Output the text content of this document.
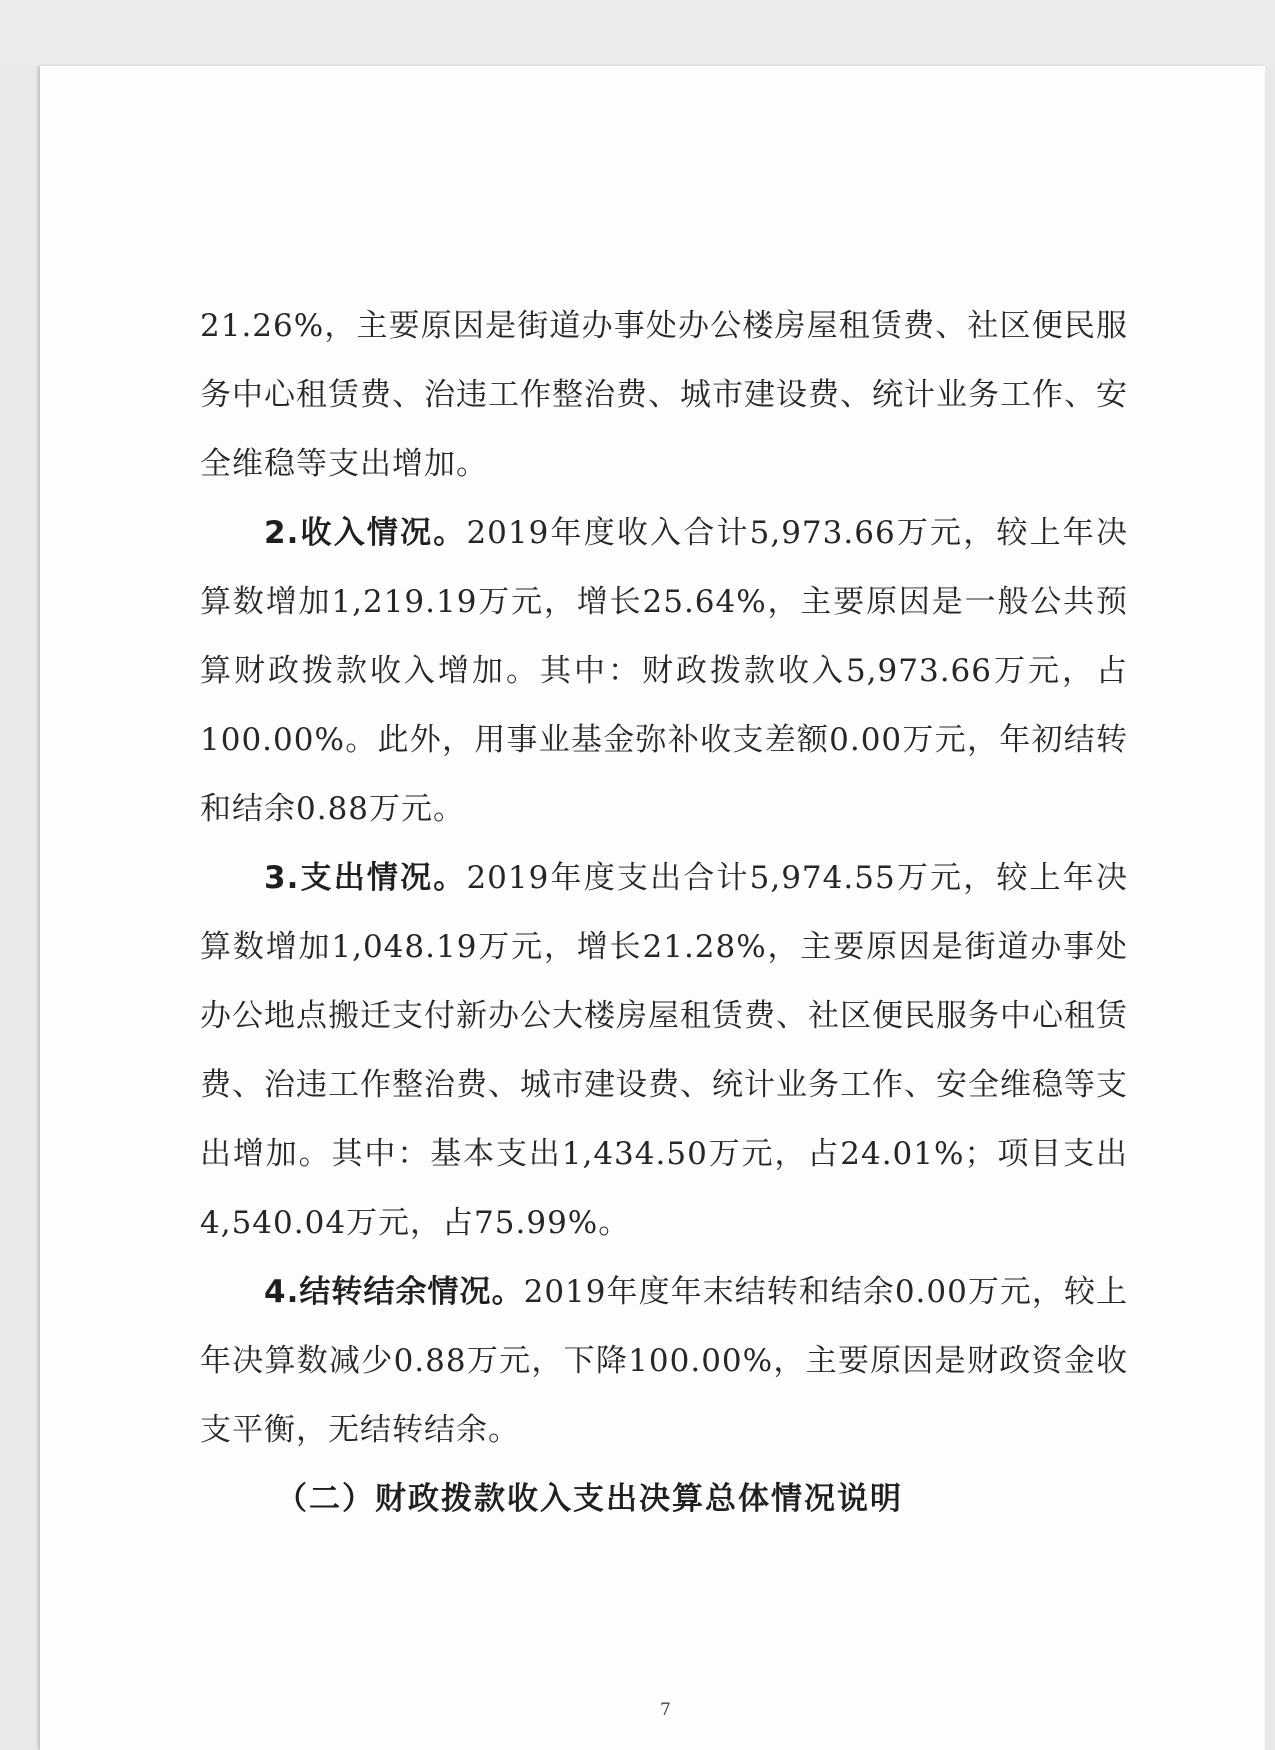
21.26%，主要原因是街道办事处办公楼房屋租赁费、社区便民服务中心租赁费、治违工作整治费、城市建设费、统计业务工作、安全维稳等支出增加。

2.收入情况。2019年度收入合计5,973.66万元，较上年决算数增加1,219.19万元，增长25.64%，主要原因是一般公共预算财政拨款收入增加。其中：财政拨款收入5,973.66万元，占100.00%。此外，用事业基金弥补收支差额0.00万元，年初结转和结余0.88万元。

3.支出情况。2019年度支出合计5,974.55万元，较上年决算数增加1,048.19万元，增长21.28%，主要原因是街道办事处办公地点搬迁支付新办公大楼房屋租赁费、社区便民服务中心租赁费、治违工作整治费、城市建设费、统计业务工作、安全维稳等支出增加。其中：基本支出1,434.50万元，占24.01%；项目支出4,540.04万元，占75.99%。

4.结转结余情况。2019年度年末结转和结余0.00万元，较上年决算数减少0.88万元，下降100.00%，主要原因是财政资金收支平衡，无结转结余。

（二）财政拨款收入支出决算总体情况说明

7
